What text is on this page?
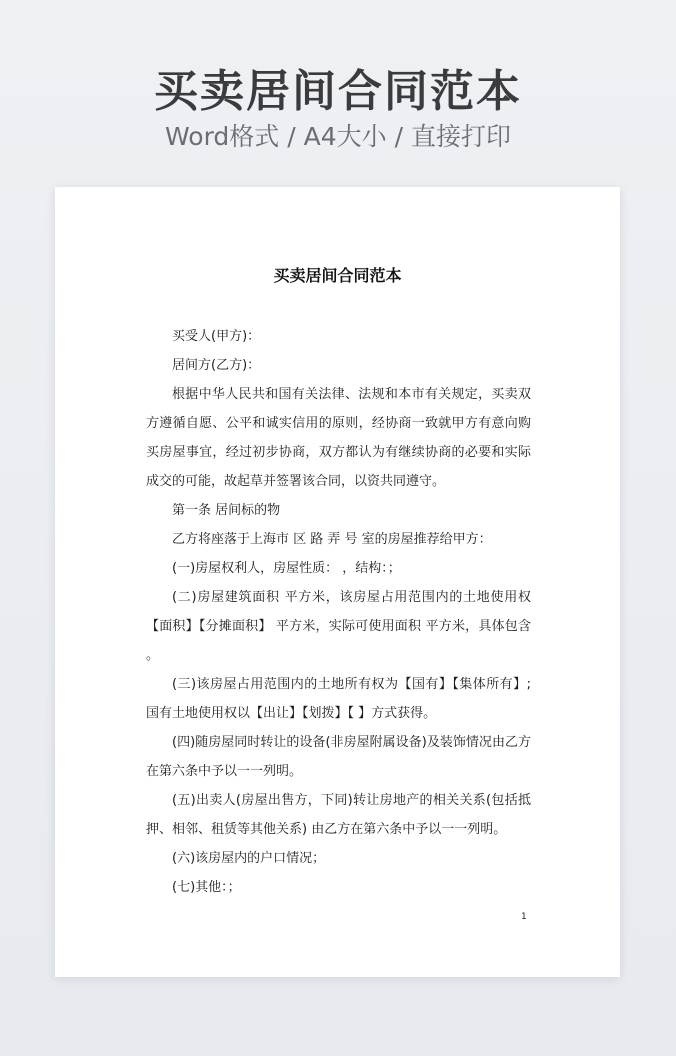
买卖居间合同范本
Word格式 / A4大小 / 直接打印
买卖居间合同范本

买受人(甲方)：

居间方(乙方)：

根据中华人民共和国有关法律、法规和本市有关规定，买卖双方遵循自愿、公平和诚实信用的原则，经协商一致就甲方有意向购买房屋事宜，经过初步协商，双方都认为有继续协商的必要和实际成交的可能，故起草并签署该合同，以资共同遵守。

第一条 居间标的物

乙方将座落于上海市 区 路 弄 号 室的房屋推荐给甲方：

(一)房屋权利人，房屋性质： ，结构：；

(二)房屋建筑面积 平方米，该房屋占用范围内的土地使用权【面积】【分摊面积】 平方米，实际可使用面积 平方米，具体包含 。

(三)该房屋占用范围内的土地所有权为【国有】【集体所有】;国有土地使用权以【出让】【划拨】【 】方式获得。

(四)随房屋同时转让的设备(非房屋附属设备)及装饰情况由乙方在第六条中予以一一列明。

(五)出卖人(房屋出售方，下同)转让房地产的相关关系(包括抵押、相邻、租赁等其他关系) 由乙方在第六条中予以一一列明。

(六)该房屋内的户口情况；

(七)其他：；

1
